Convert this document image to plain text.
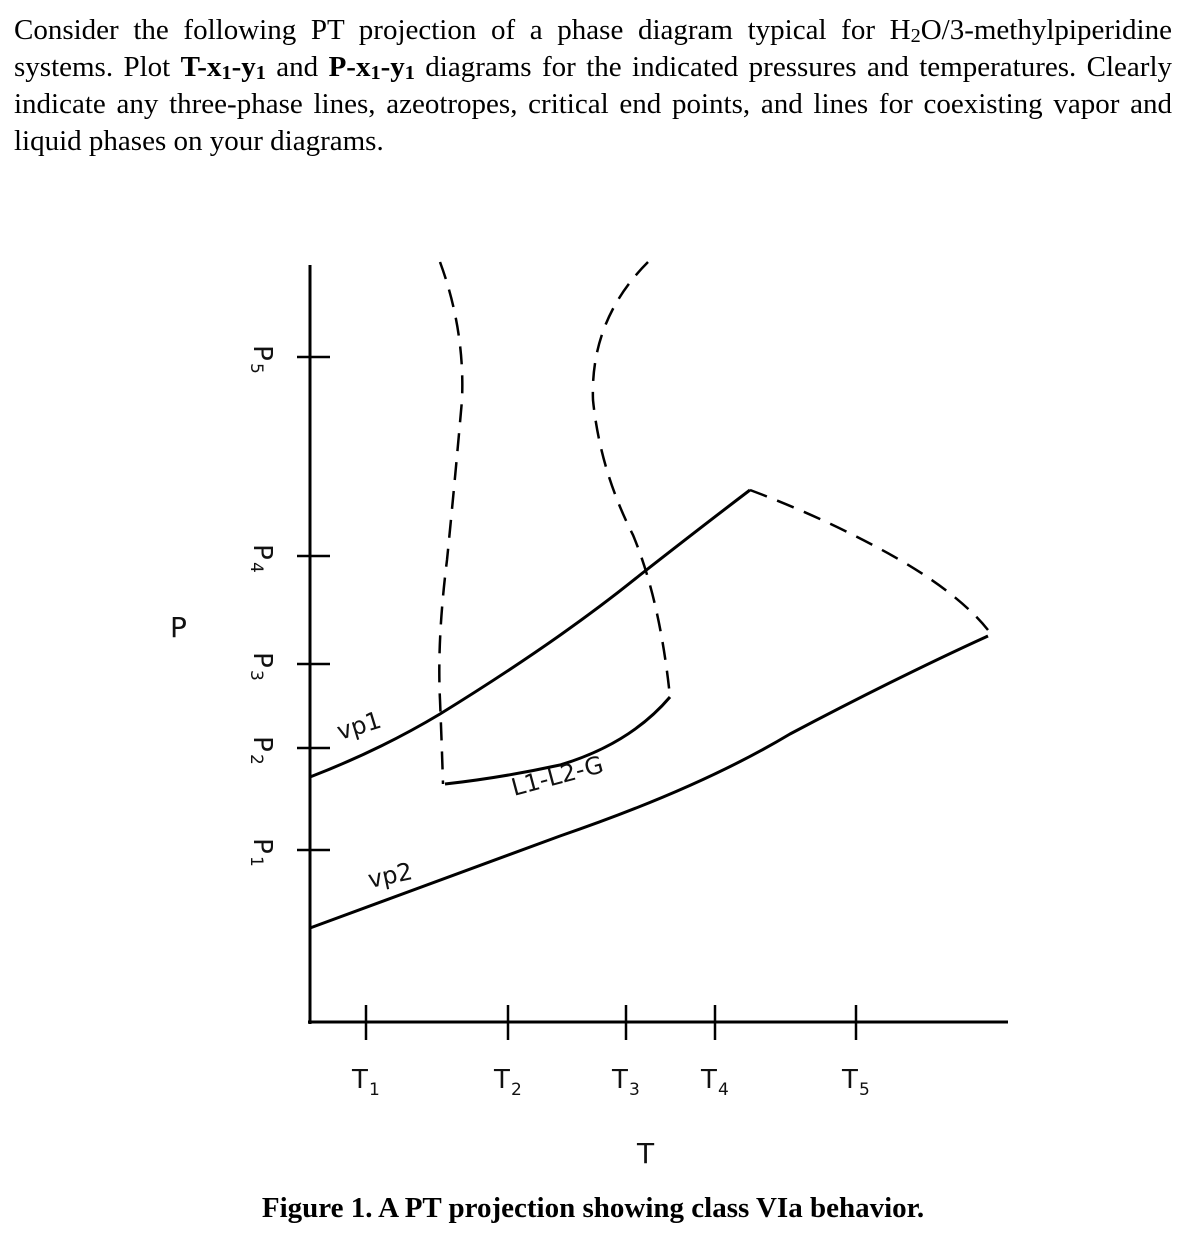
Consider the following PT projection of a phase diagram typical for $H_2O/3$-methylpiperidine systems. Plot $T-x_1-y_1$ and $P-x_1-y_1$ diagrams for the indicated pressures and temperatures. Clearly indicate any three-phase lines, azeotropes, critical end points, and lines for coexisting vapor and liquid phases on your diagrams.

P
T
P
1
P
2
P
3
P
4
P
5
T 1	T 2	T 3 T 4	T 5
vp1
vp2
L1-L2-G

Figure 1. A PT projection showing class VIa behavior.
